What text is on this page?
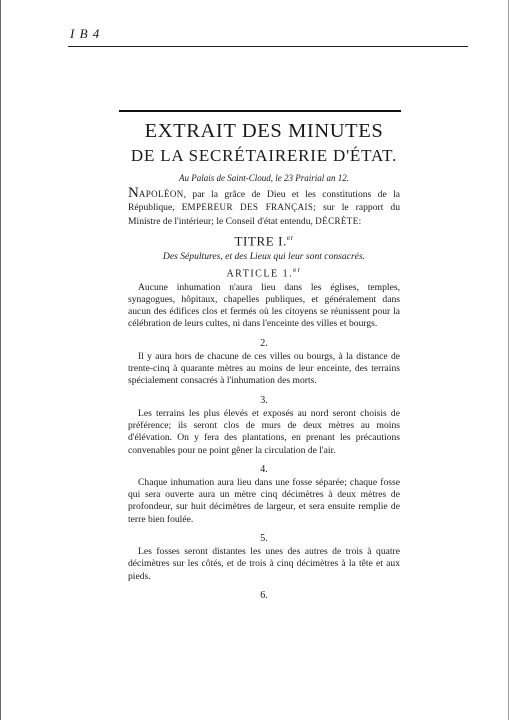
I B 4
EXTRAIT DES MINUTES
DE LA SECRÉTAIRERIE D'ÉTAT.
Au Palais de Saint-Cloud, le 23 Prairial an 12.

NAPOLÉON, par la grâce de Dieu et les constitutions de la République, EMPEREUR DES FRANÇAIS; sur le rapport du Ministre de l'intérieur; le Conseil d'état entendu, DÉCRÈTE:

TITRE I.$^{er}$
Des Sépultures, et des Lieux qui leur sont consacrés.
ARTICLE 1.$^{er}$

Aucune inhumation n'aura lieu dans les églises, temples, synagogues, hôpitaux, chapelles publiques, et généralement dans aucun des édifices clos et fermés où les citoyens se réunissent pour la célébration de leurs cultes, ni dans l'enceinte des villes et bourgs.

2.

Il y aura hors de chacune de ces villes ou bourgs, à la distance de trente-cinq à quarante mètres au moins de leur enceinte, des terrains spécialement consacrés à l'inhumation des morts.

3.

Les terrains les plus élevés et exposés au nord seront choisis de préférence; ils seront clos de murs de deux mètres au moins d'élévation. On y fera des plantations, en prenant les précautions convenables pour ne point gêner la circulation de l'air.

4.

Chaque inhumation aura lieu dans une fosse séparée; chaque fosse qui sera ouverte aura un mètre cinq décimètres à deux mètres de profondeur, sur huit décimètres de largeur, et sera ensuite remplie de terre bien foulée.

5.

Les fosses seront distantes les unes des autres de trois à quatre décimètres sur les côtés, et de trois à cinq décimètres à la tête et aux pieds.

6.
